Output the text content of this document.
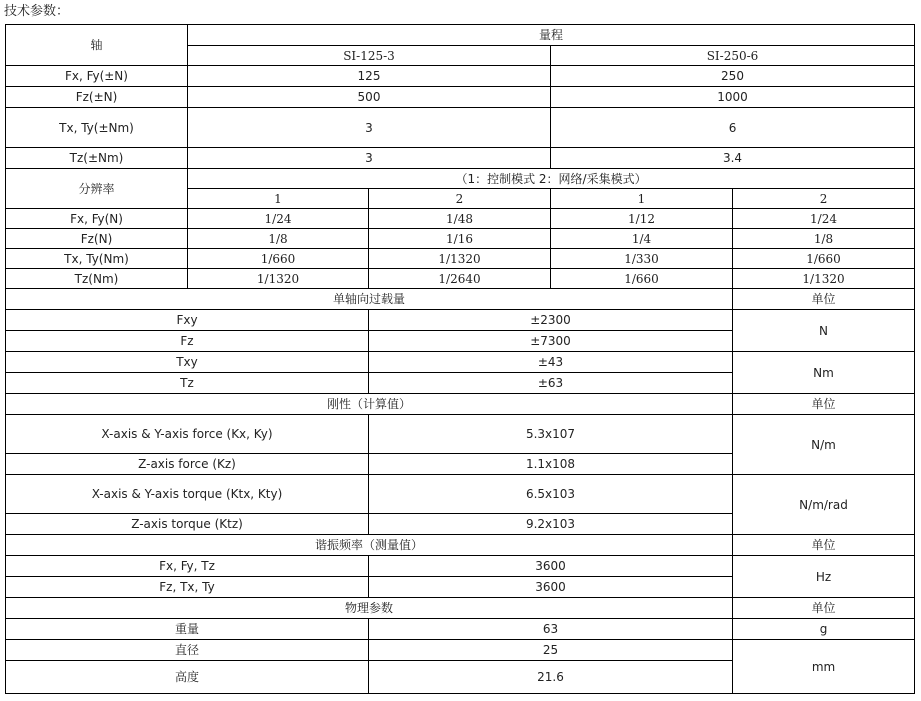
技术参数：
轴	量程			
	SI-125-3		SI-250-6	
Fx, Fy(±N)	125		250	
Fz(±N)	500		1000	
Tx, Ty(±Nm)	3		6	
Tz(±Nm)	3		3.4	
分辨率	（1：控制模式 2：网络/采集模式）			
	1	2	1	2
Fx, Fy(N)	1/24	1/48	1/12	1/24
Fz(N)	1/8	1/16	1/4	1/8
Tx, Ty(Nm)	1/660	1/1320	1/330	1/660
Tz(Nm)	1/1320	1/2640	1/660	1/1320
单轴向过载量				单位
Fxy		±2300		N
Fz		±7300		
Txy		±43		Nm
Tz		±63		
刚性（计算值）				单位
X-axis & Y-axis force (Kx, Ky)		5.3x107		N/m
Z-axis force (Kz)		1.1x108		
X-axis & Y-axis torque (Ktx, Kty)		6.5x103		N/m/rad
Z-axis torque (Ktz)		9.2x103		
谐振频率（测量值）				单位
Fx, Fy, Tz		3600		Hz
Fz, Tx, Ty		3600		
物理参数				单位
重量		63		g
直径		25		mm
高度		21.6		
